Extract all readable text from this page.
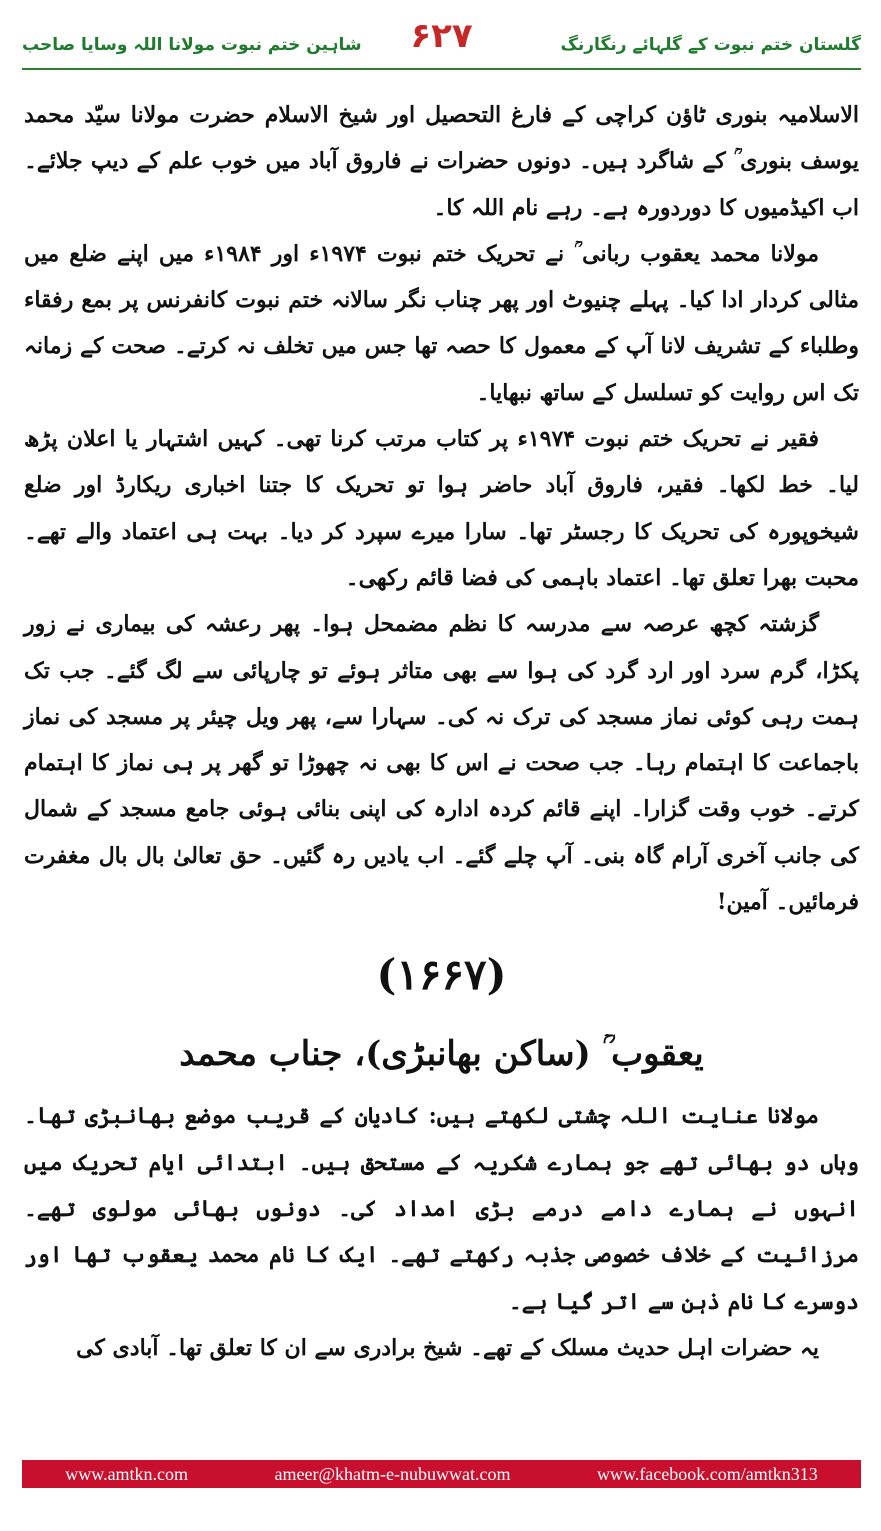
گلستان ختم نبوت کے گلہائے رنگارنگ
۶۲۷
شاہین ختم نبوت مولانا اللہ وسایا صاحب

الاسلامیہ بنوری ٹاؤن کراچی کے فارغ التحصیل اور شیخ الاسلام حضرت مولانا سیّد محمد یوسف بنوری ؒ کے شاگرد ہیں۔ دونوں حضرات نے فاروق آباد میں خوب علم کے دیپ جلائے۔ اب اکیڈمیوں کا دوردورہ ہے۔ رہے نام اللہ کا۔

مولانا محمد یعقوب ربانی ؒ نے تحریک ختم نبوت ۱۹۷۴ء اور ۱۹۸۴ء میں اپنے ضلع میں مثالی کردار ادا کیا۔ پہلے چنیوٹ اور پھر چناب نگر سالانہ ختم نبوت کانفرنس پر بمع رفقاء وطلباء کے تشریف لانا آپ کے معمول کا حصہ تھا جس میں تخلف نہ کرتے۔ صحت کے زمانہ تک اس روایت کو تسلسل کے ساتھ نبھایا۔

فقیر نے تحریک ختم نبوت ۱۹۷۴ء پر کتاب مرتب کرنا تھی۔ کہیں اشتہار یا اعلان پڑھ لیا۔ خط لکھا۔ فقیر، فاروق آباد حاضر ہوا تو تحریک کا جتنا اخباری ریکارڈ اور ضلع شیخوپورہ کی تحریک کا رجسٹر تھا۔ سارا میرے سپرد کر دیا۔ بہت ہی اعتماد والے تھے۔ محبت بھرا تعلق تھا۔ اعتماد باہمی کی فضا قائم رکھی۔

گزشتہ کچھ عرصہ سے مدرسہ کا نظم مضمحل ہوا۔ پھر رعشہ کی بیماری نے زور پکڑا، گرم سرد اور ارد گرد کی ہوا سے بھی متاثر ہوئے تو چارپائی سے لگ گئے۔ جب تک ہمت رہی کوئی نماز مسجد کی ترک نہ کی۔ سہارا سے، پھر ویل چیئر پر مسجد کی نماز باجماعت کا اہتمام رہا۔ جب صحت نے اس کا بھی نہ چھوڑا تو گھر پر ہی نماز کا اہتمام کرتے۔ خوب وقت گزارا۔ اپنے قائم کردہ ادارہ کی اپنی بنائی ہوئی جامع مسجد کے شمال کی جانب آخری آرام گاہ بنی۔ آپ چلے گئے۔ اب یادیں رہ گئیں۔ حق تعالیٰ بال بال مغفرت فرمائیں۔ آمین!

(۱۶۶۷)
یعقوب ؒ (ساکن بھانبڑی)، جناب محمد

مولانا عنایت اللہ چشتی لکھتے ہیں: کادیان کے قریب موضع بھانبڑی تھا۔ وہاں دو بھائی تھے جو ہمارے شکریہ کے مستحق ہیں۔ ابتدائی ایام تحریک میں انہوں نے ہمارے دامے درمے بڑی امداد کی۔ دونوں بھائی مولوی تھے۔ مرزائیت کے خلاف خصوصی جذبہ رکھتے تھے۔ ایک کا نام محمد یعقوب تھا اور دوسرے کا نام ذہن سے اتر گیا ہے۔

یہ حضرات اہل حدیث مسلک کے تھے۔ شیخ برادری سے ان کا تعلق تھا۔ آبادی کی

www.amtkn.com	ameer@khatm-e-nubuwwat.com	www.facebook.com/amtkn313
